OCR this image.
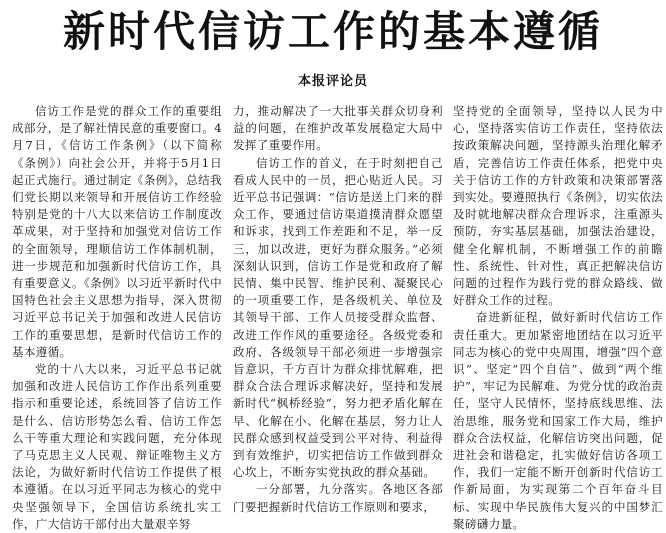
新时代信访工作的基本遵循
本报评论员

信访工作是党的群众工作的重要组成部分，是了解社情民意的重要窗口。4月7日，《信访工作条例》（以下简称《条例》）向社会公开，并将于5月1日起正式施行。通过制定《条例》，总结我们党长期以来领导和开展信访工作经验特别是党的十八大以来信访工作制度改革成果，对于坚持和加强党对信访工作的全面领导，理顺信访工作体制机制，进一步规范和加强新时代信访工作，具有重要意义。《条例》以习近平新时代中国特色社会主义思想为指导，深入贯彻习近平总书记关于加强和改进人民信访工作的重要思想，是新时代信访工作的基本遵循。

党的十八大以来，习近平总书记就加强和改进人民信访工作作出系列重要指示和重要论述，系统回答了信访工作是什么、信访形势怎么看、信访工作怎么干等重大理论和实践问题，充分体现了马克思主义人民观、辩证唯物主义方法论，为做好新时代信访工作提供了根本遵循。在以习近平同志为核心的党中央坚强领导下，全国信访系统扎实工作，广大信访干部付出大量艰辛努

力，推动解决了一大批事关群众切身利益的问题，在维护改革发展稳定大局中发挥了重要作用。

信访工作的首义，在于时刻把自己看成人民中的一员，把心贴近人民。习近平总书记强调：“信访是送上门来的群众工作，要通过信访渠道摸清群众愿望和诉求，找到工作差距和不足，举一反三，加以改进，更好为群众服务。”必须深刻认识到，信访工作是党和政府了解民情、集中民智、维护民利、凝聚民心的一项重要工作，是各级机关、单位及其领导干部、工作人员接受群众监督、改进工作作风的重要途径。各级党委和政府、各级领导干部必须进一步增强宗旨意识，千方百计为群众排忧解难，把群众合法合理诉求解决好，坚持和发展新时代“枫桥经验”，努力把矛盾化解在早、化解在小、化解在基层，努力让人民群众感到权益受到公平对待、利益得到有效维护，切实把信访工作做到群众心坎上，不断夯实党执政的群众基础。

一分部署，九分落实。各地区各部门要把握新时代信访工作原则和要求，

坚持党的全面领导，坚持以人民为中心，坚持落实信访工作责任，坚持依法按政策解决问题，坚持源头治理化解矛盾，完善信访工作责任体系，把党中央关于信访工作的方针政策和决策部署落到实处。要遵照执行《条例》，切实依法及时就地解决群众合理诉求，注重源头预防，夯实基层基础，加强法治建设，健全化解机制，不断增强工作的前瞻性、系统性、针对性，真正把解决信访问题的过程作为践行党的群众路线、做好群众工作的过程。

奋进新征程，做好新时代信访工作责任重大。更加紧密地团结在以习近平同志为核心的党中央周围，增强“四个意识”、坚定“四个自信”、做到“两个维护”，牢记为民解难、为党分忧的政治责任，坚守人民情怀，坚持底线思维、法治思维，服务党和国家工作大局，维护群众合法权益，化解信访突出问题，促进社会和谐稳定，扎实做好信访各项工作，我们一定能不断开创新时代信访工作新局面，为实现第二个百年奋斗目标、实现中华民族伟大复兴的中国梦汇聚磅礴力量。
